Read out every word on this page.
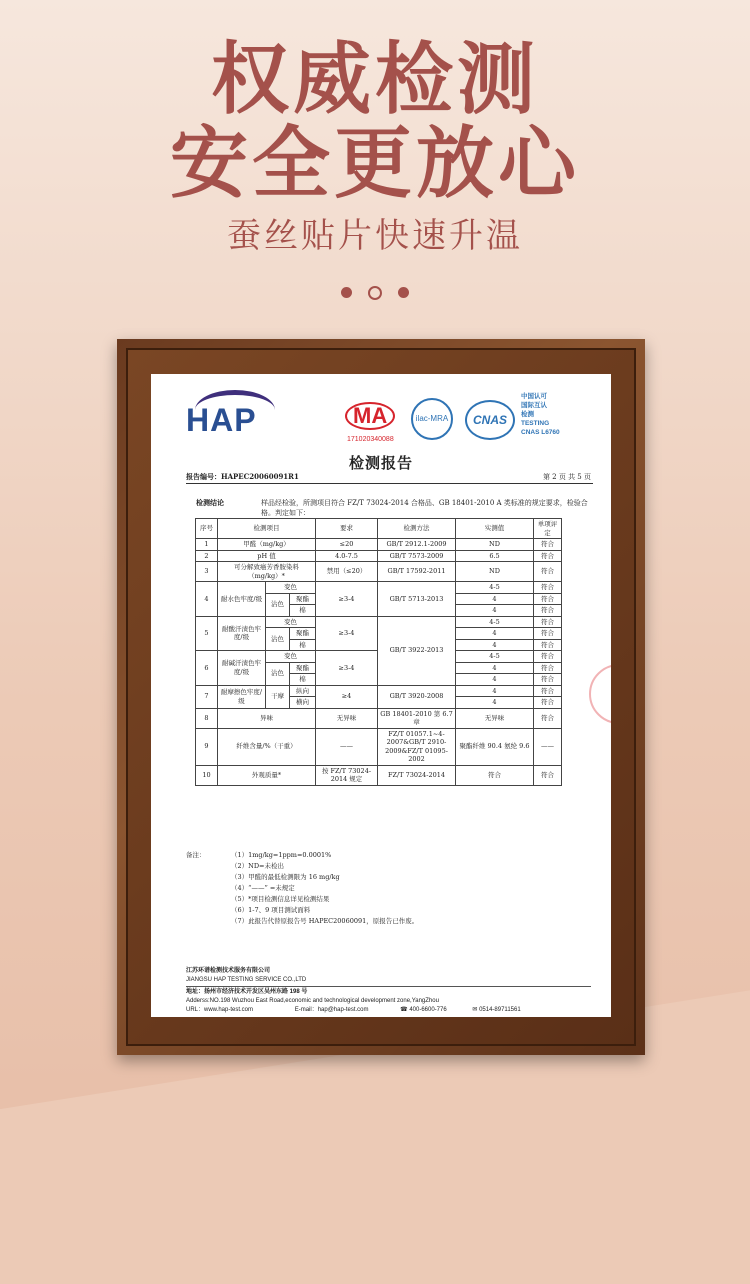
权威检测
安全更放心
蚕丝贴片快速升温
HAP	MA
171020340088
ilac-MRA	CNAS
中国认可
国际互认
检测
TESTING
CNAS L6760
检测报告
报告编号：HAPEC20060091R1	第 2 页 共 5 页
检测结论	样品经检验，所测项目符合 FZ/T 73024-2014 合格品、GB 18401-2010 A 类标准的规定要求，检验合格。判定如下：
序号	检测项目			要求	检测方法	实测值	单项评定
1	甲醛（mg/kg）			≤20	GB/T 2912.1-2009	ND	符合
2	pH 值			4.0-7.5	GB/T 7573-2009	6.5	符合
3	可分解致癌芳香胺染料（mg/kg）*			禁用（≤20）	GB/T 17592-2011	ND	符合
4	耐水色牢度/级	变色		≥3-4	GB/T 5713-2013	4-5	符合
		沾色	聚酯			4	符合
			棉			4	符合
5	耐酸汗渍色牢度/级	变色		≥3-4	GB/T 3922-2013	4-5	符合
		沾色	聚酯			4	符合
			棉			4	符合
6	耐碱汗渍色牢度/级	变色		≥3-4		4-5	符合
		沾色	聚酯			4	符合
			棉			4	符合
7	耐摩擦色牢度/级	干摩	纵向	≥4	GB/T 3920-2008	4	符合
			横向			4	符合
8	异味			无异味	GB 18401-2010 第 6.7 章	无异味	符合
9	纤维含量/%（干重）			——	FZ/T 01057.1~4-2007&GB/T 2910-2009&FZ/T 01095-2002	聚酯纤维 90.4 氨纶 9.6	——
10	外观质量*			按 FZ/T 73024-2014 规定	FZ/T 73024-2014	符合	符合
备注：	（1）1mg/kg=1ppm=0.0001%
（2）ND=未检出
（3）甲醛的最低检测限为 16 mg/kg
（4）“——” =未规定
（5）*项目检测信息详见检测结果
（6）1-7、9 项目测试面料
（7）此报告代替原报告号 HAPEC20060091，原报告已作废。
江苏环谱检测技术服务有限公司
JIANGSU HAP TESTING SERVICE CO.,LTD
地址：扬州市经济技术开发区吴州东路 198 号
Adderss:NO.198 Wuzhou East Road,economic and technological development zone,YangZhou
URL：www.hap-test.com	E-mail：hap@hap-test.com	☎ 400-6600-776	✉ 0514-89711561
